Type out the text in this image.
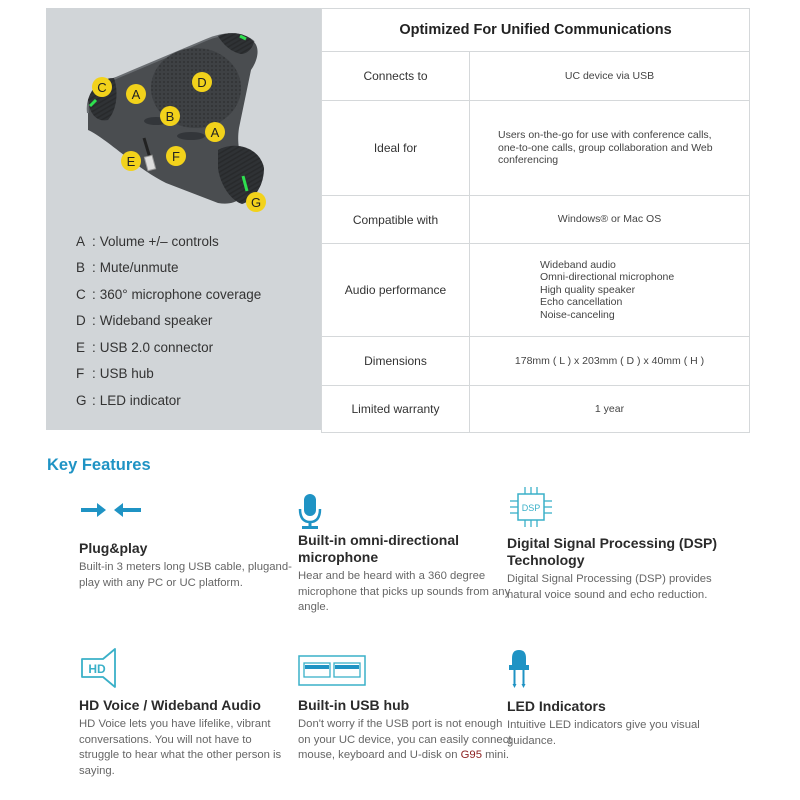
C A
D
B
A
E	F
G
A : Volume +/– controls
B : Mute/unmute
C : 360° microphone coverage
D : Wideband speaker
E : USB 2.0 connector
F : USB hub
G : LED indicator
Optimized For Unified Communications	
Connects to	UC device via USB
Ideal for	Users on-the-go for use with conference calls, one-to-one calls, group collaboration and Web conferencing
Compatible with	Windows® or Mac OS
Audio performance	
Wideband audio
Omni-directional microphone
High quality speaker
Echo cancellation
Noise-canceling

Dimensions	178mm ( L ) x 203mm ( D ) x 40mm ( H )
Limited warranty	1 year
Key Features
Plug&play

Built-in 3 meters long USB cable, plugand-play with any PC or UC platform.

Built-in omni-directional microphone

Hear and be heard with a 360 degree microphone that picks up sounds from any angle.

DSP
Digital Signal Processing (DSP) Technology

Digital Signal Processing (DSP) provides natural voice sound and echo reduction.

HD
HD Voice / Wideband Audio

HD Voice lets you have lifelike, vibrant conversations. You will not have to struggle to hear what the other person is saying.

Built-in USB hub

Don't worry if the USB port is not enough on your UC device, you can easily connect mouse, keyboard and U-disk on G95 mini.

LED Indicators

Intuitive LED indicators give you visual guidance.
